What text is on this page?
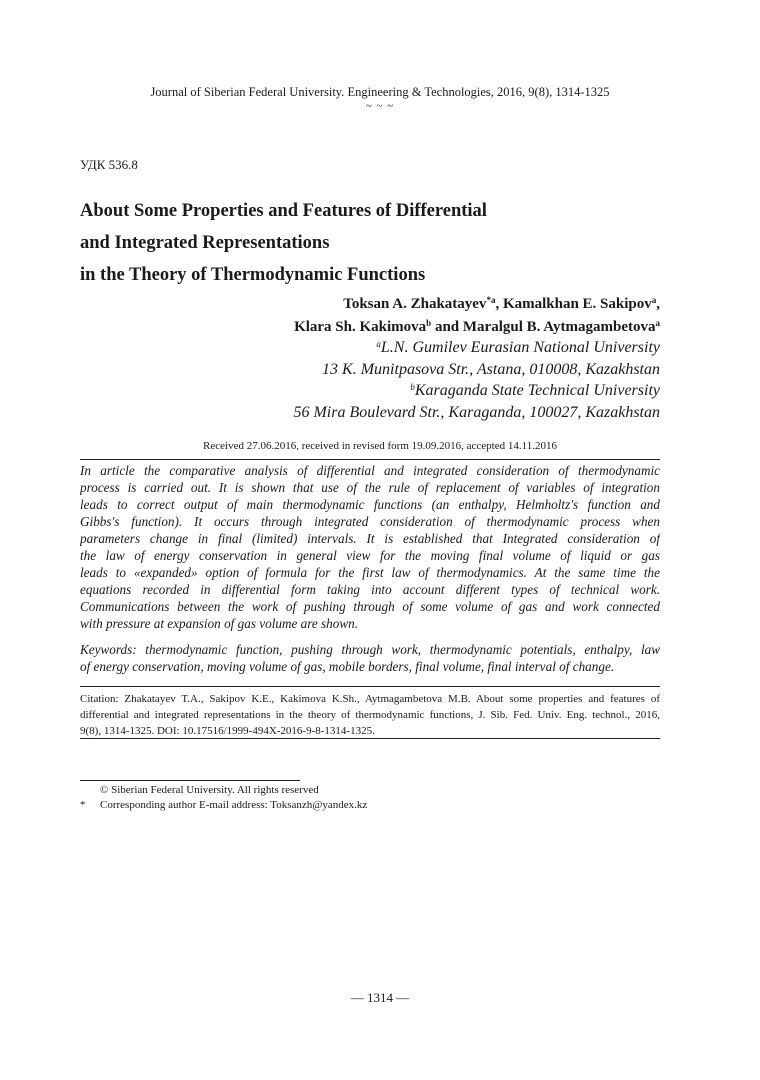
Journal of Siberian Federal University. Engineering & Technologies, 2016, 9(8), 1314-1325
~ ~ ~
УДК 536.8
About Some Properties and Features of Differential
and Integrated Representations
in the Theory of Thermodynamic Functions
Toksan A. Zhakatayev$^{*a}$, Kamalkhan E. Sakipov$^a$,
Klara Sh. Kakimova$^b$ and Maralgul B. Aytmagambetova$^a$
$^a$L.N. Gumilev Eurasian National University
13 K. Munitpasova Str., Astana, 010008, Kazakhstan
$^b$Karaganda State Technical University
56 Mira Boulevard Str., Karaganda, 100027, Kazakhstan
Received 27.06.2016, received in revised form 19.09.2016, accepted 14.11.2016
In article the comparative analysis of differential and integrated consideration of thermodynamic
process is carried out. It is shown that use of the rule of replacement of variables of integration
leads to correct output of main thermodynamic functions (an enthalpy, Helmholtz's function and
Gibbs's function). It occurs through integrated consideration of thermodynamic process when
parameters change in final (limited) intervals. It is established that Integrated consideration of
the law of energy conservation in general view for the moving final volume of liquid or gas
leads to «expanded» option of formula for the first law of thermodynamics. At the same time the
equations recorded in differential form taking into account different types of technical work.
Communications between the work of pushing through of some volume of gas and work connected
with pressure at expansion of gas volume are shown.
Keywords: thermodynamic function, pushing through work, thermodynamic potentials, enthalpy, law
of energy conservation, moving volume of gas, mobile borders, final volume, final interval of change.
Citation: Zhakatayev T.A., Sakipov K.E., Kakimova K.Sh., Aytmagambetova M.B. About some properties and features of
differential and integrated representations in the theory of thermodynamic functions, J. Sib. Fed. Univ. Eng. technol., 2016,
9(8), 1314-1325. DOI: 10.17516/1999-494X-2016-9-8-1314-1325.
© Siberian Federal University. All rights reserved
* Corresponding author E-mail address: Toksanzh@yandex.kz
— 1314 —
